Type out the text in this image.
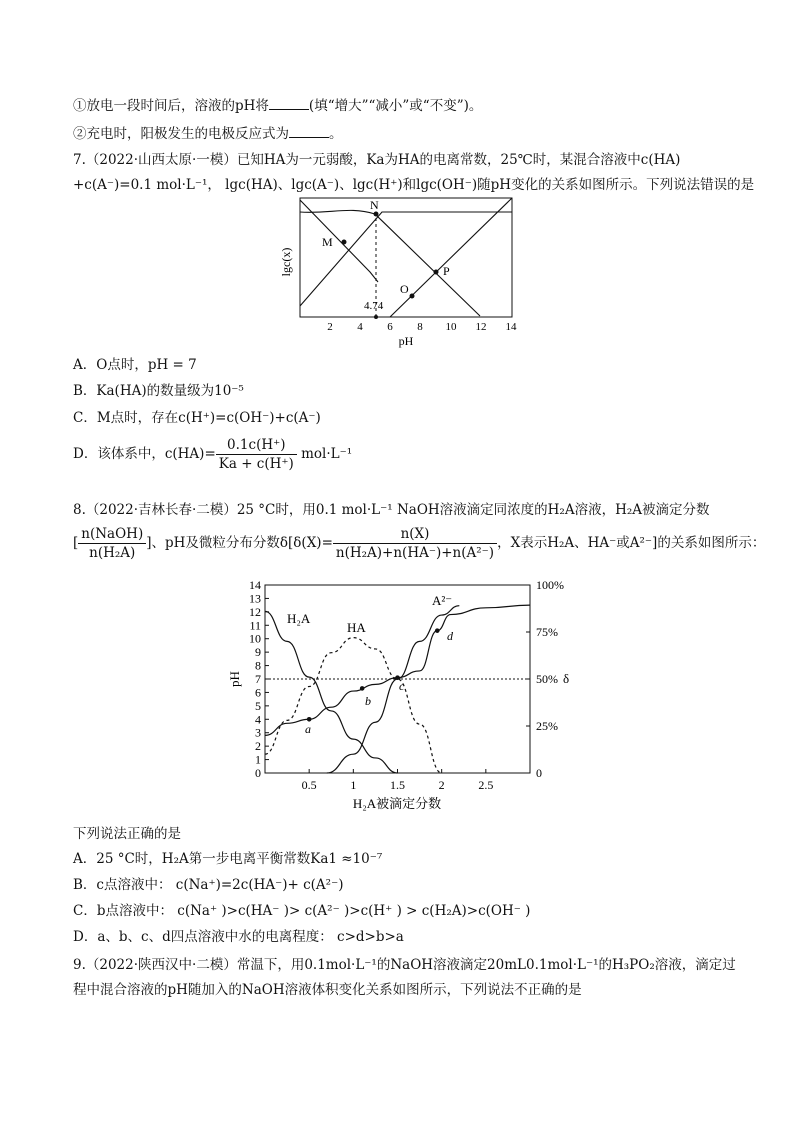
①放电一段时间后，溶液的pH将	(填“增大”“减小”或“不变”)。
②充电时，阳极发生的电极反应式为	。
7.（2022·山西太原·一模）已知HA为一元弱酸，Ka为HA的电离常数，25℃时，某混合溶液中c(HA)
+c(A⁻)=0.1 mol·L⁻¹， lgc(HA)、lgc(A⁻)、lgc(H⁺)和lgc(OH⁻)随pH变化的关系如图所示。下列说法错误的是
M
N
O
P
4.74
2 4 6 8 10 12 14
pH
lgc(x)
A．O点时，pH = 7
B．Ka(HA)的数量级为10⁻⁵
C．M点时，存在c(H⁺)=c(OH⁻)+c(A⁻)
D．该体系中，$c(HA)= \frac{0.1c(H^+)}{Ka + c(H^+)} mol\cdot L^{-1}$
8.（2022·吉林长春·二模）25 °C时，用0.1 mol·L⁻¹ NaOH溶液滴定同浓度的H₂A溶液，H₂A被滴定分数
[ $\frac{\text{n(NaOH)}}{\text{n(H₂A)}}$ ]、pH及微粒分布分数$\delta[\delta(X)= \frac{n(X)}{\text{n(H₂A)+n(HA⁻)+n(A²⁻)}}$ ，X表示H₂A、HA⁻或A²⁻]的关系如图所示：
0
1
2
3
4
5
6
7
8
9
10
11
12
13
14
0
25%
50%
75%
100%
0.5	1	1.5	2	2.5
H₂A
HA
A²⁻
a
b
c
d
pH	δ
H₂A被滴定分数
下列说法正确的是
A．25 °C时，H₂A第一步电离平衡常数Ka1 ≈10⁻⁷
B．c点溶液中： c(Na⁺)=2c(HA⁻)+ c(A²⁻)
C．b点溶液中： c(Na⁺ )>c(HA⁻ )> c(A²⁻ )>c(H⁺ ) > c(H₂A)>c(OH⁻ )
D．a、b、c、d四点溶液中水的电离程度： c>d>b>a
9.（2022·陕西汉中·二模）常温下，用0.1mol·L⁻¹的NaOH溶液滴定20mL0.1mol·L⁻¹的H₃PO₂溶液，滴定过
程中混合溶液的pH随加入的NaOH溶液体积变化关系如图所示，下列说法不正确的是
